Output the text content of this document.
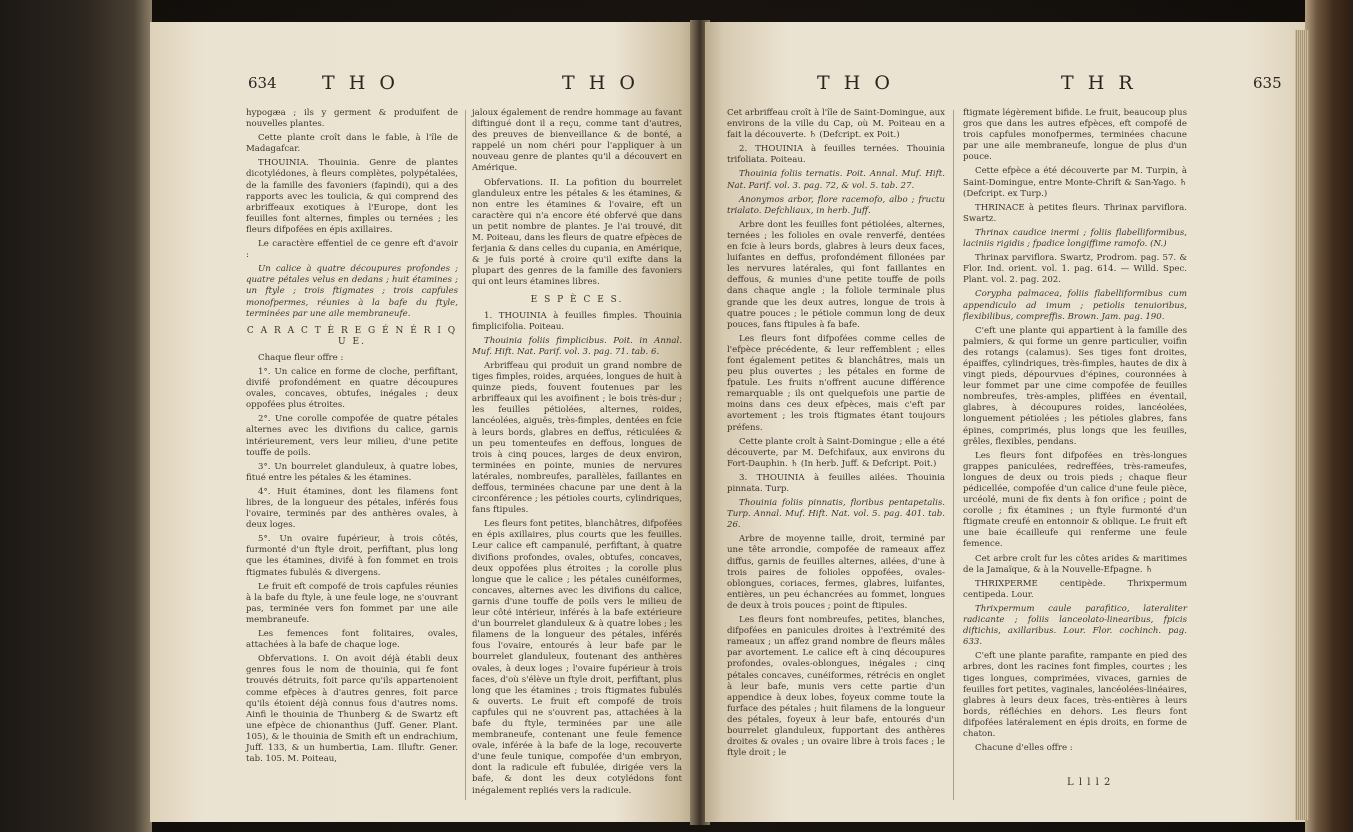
634 T H O	T H O

hypogæa ; ils y germent & produifent de nouvelles plantes.

Cette plante croît dans le fable, à l'île de Madagafcar.

THOUINIA. Thouinia. Genre de plantes dicotylédones, à fleurs complètes, polypétalées, de la famille des favoniers (fapindi), qui a des rapports avec les toulicia, & qui comprend des arbriffeaux exotiques à l'Europe, dont les feuilles font alternes, fimples ou ternées ; les fleurs difpofées en épis axillaires.

Le caractère effentiel de ce genre eft d'avoir :

Un calice à quatre découpures profondes ; quatre pétales velus en dedans ; huit étamines ; un ftyle ; trois ftigmates ; trois capfules monofpermes, réunies à la bafe du ftyle, terminées par une aile membraneufe.

C A R A C T È R E G É N É R I Q U E.

Chaque fleur offre :

1°. Un calice en forme de cloche, perfiftant, divifé profondément en quatre découpures ovales, concaves, obtufes, inégales ; deux oppofées plus étroites.

2°. Une corolle compofée de quatre pétales alternes avec les divifions du calice, garnis intérieurement, vers leur milieu, d'une petite touffe de poils.

3°. Un bourrelet glanduleux, à quatre lobes, fitué entre les pétales & les étamines.

4°. Huit étamines, dont les filamens font libres, de la longueur des pétales, inférés fous l'ovaire, terminés par des anthères ovales, à deux loges.

5°. Un ovaire fupérieur, à trois côtés, furmonté d'un ftyle droit, perfiftant, plus long que les étamines, divifé à fon fommet en trois ftigmates fubulés & divergens.

Le fruit eft compofé de trois capfules réunies à la bafe du ftyle, à une feule loge, ne s'ouvrant pas, terminée vers fon fommet par une aile membraneufe.

Les femences font folitaires, ovales, attachées à la bafe de chaque loge.

Obfervations. I. On avoit déjà établi deux genres fous le nom de thouinia, qui fe font trouvés détruits, foit parce qu'ils appartenoient comme efpèces à d'autres genres, foit parce qu'ils étoient déjà connus fous d'autres noms. Ainfi le thouinia de Thunberg & de Swartz eft une efpèce de chionanthus (Juff. Gener. Plant. 105), & le thouinia de Smith eft un endrachium, Juff. 133, & un humbertia, Lam. Illuftr. Gener. tab. 105. M. Poiteau,

jaloux également de rendre hommage au favant diftingué dont il a reçu, comme tant d'autres, des preuves de bienveillance & de bonté, a rappelé un nom chéri pour l'appliquer à un nouveau genre de plantes qu'il a découvert en Amérique.

Obfervations. II. La pofition du bourrelet glanduleux entre les pétales & les étamines, & non entre les étamines & l'ovaire, eft un caractère qui n'a encore été obfervé que dans un petit nombre de plantes. Je l'ai trouvé, dit M. Poiteau, dans les fleurs de quatre efpèces de ferjania & dans celles du cupania, en Amérique, & je fuis porté à croire qu'il exifte dans la plupart des genres de la famille des favoniers qui ont leurs étamines libres.

E S P È C E S.

1. THOUINIA à feuilles fimples. Thouinia fimplicifolia. Poiteau.

Thouinia foliis fimplicibus. Poit. in Annal. Muf. Hift. Nat. Parif. vol. 3. pag. 71. tab. 6.

Arbriffeau qui produit un grand nombre de tiges fimples, roides, arquées, longues de huit à quinze pieds, fouvent foutenues par les arbriffeaux qui les avoifinent ; le bois très-dur ; les feuilles pétiolées, alternes, roides, lancéolées, aiguës, très-fimples, dentées en fcie à leurs bords, glabres en deffus, réticulées & un peu tomenteufes en deffous, longues de trois à cinq pouces, larges de deux environ, terminées en pointe, munies de nervures latérales, nombreufes, parallèles, faillantes en deffous, terminées chacune par une dent à la circonférence ; les pétioles courts, cylindriques, fans ftipules.

Les fleurs font petites, blanchâtres, difpofées en épis axillaires, plus courts que les feuilles. Leur calice eft campanulé, perfiftant, à quatre divifions profondes, ovales, obtufes, concaves, deux oppofées plus étroites ; la corolle plus longue que le calice ; les pétales cunéiformes, concaves, alternes avec les divifions du calice, garnis d'une touffe de poils vers le milieu de leur côté intérieur, inférés à la bafe extérieure d'un bourrelet glanduleux & à quatre lobes ; les filamens de la longueur des pétales, inférés fous l'ovaire, entourés à leur bafe par le bourrelet glanduleux, foutenant des anthères ovales, à deux loges ; l'ovaire fupérieur à trois faces, d'où s'élève un ftyle droit, perfiftant, plus long que les étamines ; trois ftigmates fubulés & ouverts. Le fruit eft compofé de trois capfules qui ne s'ouvrent pas, attachées à la bafe du ftyle, terminées par une aile membraneufe, contenant une feule femence ovale, inférée à la bafe de la loge, recouverte d'une feule tunique, compofée d'un embryon, dont la radicule eft fubulée, dirigée vers la bafe, & dont les deux cotylédons font inégalement repliés vers la radicule.

T H O	T H R	635

Cet arbriffeau croît à l'île de Saint-Domingue, aux environs de la ville du Cap, où M. Poiteau en a fait la découverte. ♄ (Defcript. ex Poit.)

2. THOUINIA à feuilles ternées. Thouinia trifoliata. Poiteau.

Thouinia foliis ternatis. Poit. Annal. Muf. Hift. Nat. Parif. vol. 3. pag. 72, & vol. 5. tab. 27.

Anonymos arbor, flore racemofo, albo ; fructu trialato. Defchliaux, in herb. Juff.

Arbre dont les feuilles font pétiolées, alternes, ternées ; les folioles en ovale renverfé, dentées en fcie à leurs bords, glabres à leurs deux faces, luifantes en deffus, profondément fillonées par les nervures latérales, qui font faillantes en deffous, & munies d'une petite touffe de poils dans chaque angle ; la foliole terminale plus grande que les deux autres, longue de trois à quatre pouces ; le pétiole commun long de deux pouces, fans ftipules à fa bafe.

Les fleurs font difpofées comme celles de l'efpèce précédente, & leur reffemblent ; elles font également petites & blanchâtres, mais un peu plus ouvertes ; les pétales en forme de fpatule. Les fruits n'offrent aucune différence remarquable ; ils ont quelquefois une partie de moins dans ces deux efpèces, mais c'eft par avortement ; les trois ftigmates étant toujours préfens.

Cette plante croît à Saint-Domingue ; elle a été découverte, par M. Defchifaux, aux environs du Fort-Dauphin. ♄ (In herb. Juff. & Defcript. Poit.)

3. THOUINIA à feuilles ailées. Thouinia pinnata. Turp.

Thouinia foliis pinnatis, floribus pentapetalis. Turp. Annal. Muf. Hift. Nat. vol. 5. pag. 401. tab. 26.

Arbre de moyenne taille, droit, terminé par une tête arrondie, compofée de rameaux affez diffus, garnis de feuilles alternes, ailées, d'une à trois paires de folioles oppofées, ovales-oblongues, coriaces, fermes, glabres, luifantes, entières, un peu échancrées au fommet, longues de deux à trois pouces ; point de ftipules.

Les fleurs font nombreufes, petites, blanches, difpofées en panicules droites à l'extrémité des rameaux ; un affez grand nombre de fleurs mâles par avortement. Le calice eft à cinq découpures profondes, ovales-oblongues, inégales ; cinq pétales concaves, cunéiformes, rétrécis en onglet à leur bafe, munis vers cette partie d'un appendice à deux lobes, foyeux comme toute la furface des pétales ; huit filamens de la longueur des pétales, foyeux à leur bafe, entourés d'un bourrelet glanduleux, fupportant des anthères droites & ovales ; un ovaire libre à trois faces ; le ftyle droit ; le

ftigmate légèrement bifide. Le fruit, beaucoup plus gros que dans les autres efpèces, eft compofé de trois capfules monofpermes, terminées chacune par une aile membraneufe, longue de plus d'un pouce.

Cette efpèce a été découverte par M. Turpin, à Saint-Domingue, entre Monte-Chrift & San-Yago. ♄ (Defcript. ex Turp.)

THRINACE à petites fleurs. Thrinax parviflora. Swartz.

Thrinax caudice inermi ; foliis flabelliformibus, laciniis rigidis ; fpadice longiffime ramofo. (N.)

Thrinax parviflora. Swartz, Prodrom. pag. 57. & Flor. Ind. orient. vol. 1. pag. 614. — Willd. Spec. Plant. vol. 2. pag. 202.

Corypha palmacea, foliis flabelliformibus cum appendiculo ad imum ; petiolis tenuioribus, flexibilibus, compreffis. Brown. Jam. pag. 190.

C'eft une plante qui appartient à la famille des palmiers, & qui forme un genre particulier, voifin des rotangs (calamus). Ses tiges font droites, épaiffes, cylindriques, très-fimples, hautes de dix à vingt pieds, dépourvues d'épines, couronnées à leur fommet par une cime compofée de feuilles nombreufes, très-amples, pliffées en éventail, glabres, à découpures roides, lancéolées, longuement pétiolées ; les pétioles glabres, fans épines, comprimés, plus longs que les feuilles, grêles, flexibles, pendans.

Les fleurs font difpofées en très-longues grappes paniculées, redreffées, très-rameufes, longues de deux ou trois pieds ; chaque fleur pédicellée, compofée d'un calice d'une feule pièce, urcéolé, muni de fix dents à fon orifice ; point de corolle ; fix étamines ; un ftyle furmonté d'un ftigmate creufé en entonnoir & oblique. Le fruit eft une baie écailleufe qui renferme une feule femence.

Cet arbre croît fur les côtes arides & maritimes de la Jamaïque, & à la Nouvelle-Efpagne. ♄

THRIXPERME centipède. Thrixpermum centipeda. Lour.

Thrixpermum caule parafitico, lateraliter radicante ; foliis lanceolato-linearibus, fpicis diftichis, axillaribus. Lour. Flor. cochinch. pag. 633.

C'eft une plante parafite, rampante en pied des arbres, dont les racines font fimples, courtes ; les tiges longues, comprimées, vivaces, garnies de feuilles fort petites, vaginales, lancéolées-linéaires, glabres à leurs deux faces, très-entières à leurs bords, réfléchies en dehors. Les fleurs font difpofées latéralement en épis droits, en forme de chaton.

Chacune d'elles offre :

L l l l 2
